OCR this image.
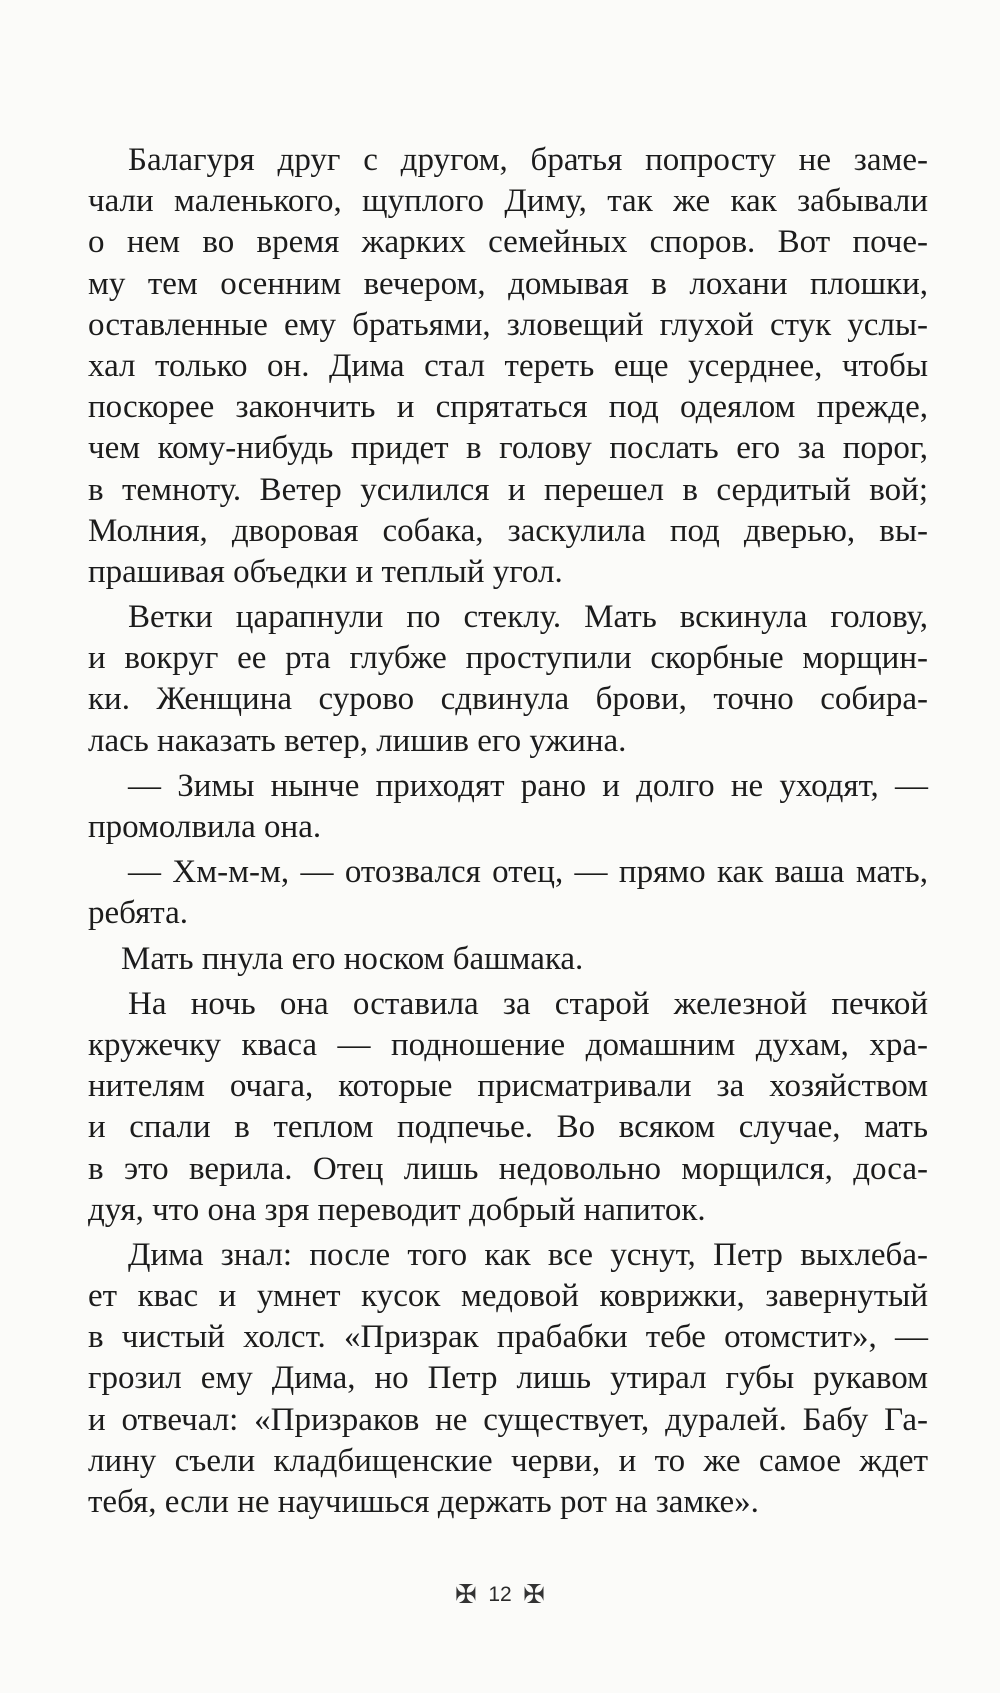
Балагуря друг с другом, братья попросту не заме-
чали маленького, щуплого Диму, так же как забывали
о нем во время жарких семейных споров. Вот поче-
му тем осенним вечером, домывая в лохани плошки,
оставленные ему братьями, зловещий глухой стук услы-
хал только он. Дима стал тереть еще усерднее, чтобы
поскорее закончить и спрятаться под одеялом прежде,
чем кому-нибудь придет в голову послать его за порог,
в темноту. Ветер усилился и перешел в сердитый вой;
Молния, дворовая собака, заскулила под дверью, вы-
прашивая объедки и теплый угол.
Ветки царапнули по стеклу. Мать вскинула голову,
и вокруг ее рта глубже проступили скорбные морщин-
ки. Женщина сурово сдвинула брови, точно собира-
лась наказать ветер, лишив его ужина.
— Зимы нынче приходят рано и долго не уходят, —
промолвила она.
— Хм-м-м, — отозвался отец, — прямо как ваша мать,
ребята.
Мать пнула его носком башмака.
На ночь она оставила за старой железной печкой
кружечку кваса — подношение домашним духам, хра-
нителям очага, которые присматривали за хозяйством
и спали в теплом подпечье. Во всяком случае, мать
в это верила. Отец лишь недовольно морщился, доса-
дуя, что она зря переводит добрый напиток.
Дима знал: после того как все уснут, Петр выхлеба-
ет квас и умнет кусок медовой коврижки, завернутый
в чистый холст. «Призрак прабабки тебе отомстит», —
грозил ему Дима, но Петр лишь утирал губы рукавом
и отвечал: «Призраков не существует, дуралей. Бабу Га-
лину съели кладбищенские черви, и то же самое ждет
тебя, если не научишься держать рот на замке».
✠ 12 ✠
